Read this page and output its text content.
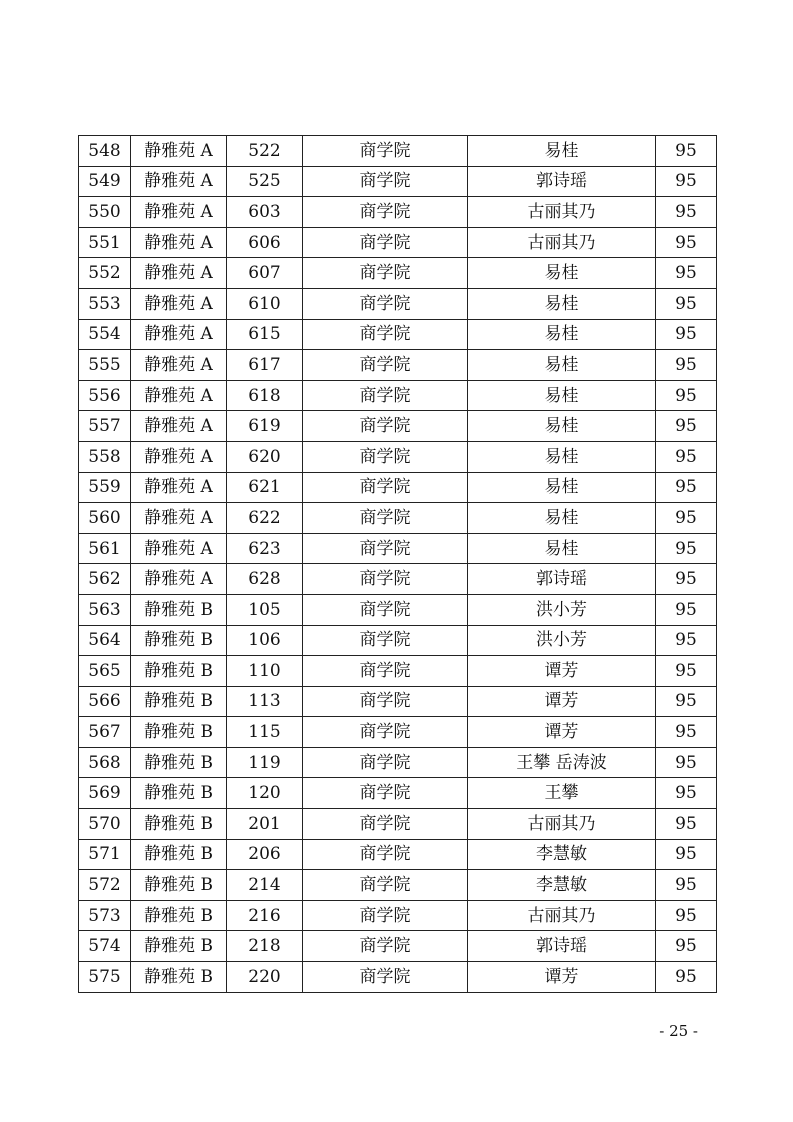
548	静雅苑 A	522	商学院	易桂	95
549	静雅苑 A	525	商学院	郭诗瑶	95
550	静雅苑 A	603	商学院	古丽其乃	95
551	静雅苑 A	606	商学院	古丽其乃	95
552	静雅苑 A	607	商学院	易桂	95
553	静雅苑 A	610	商学院	易桂	95
554	静雅苑 A	615	商学院	易桂	95
555	静雅苑 A	617	商学院	易桂	95
556	静雅苑 A	618	商学院	易桂	95
557	静雅苑 A	619	商学院	易桂	95
558	静雅苑 A	620	商学院	易桂	95
559	静雅苑 A	621	商学院	易桂	95
560	静雅苑 A	622	商学院	易桂	95
561	静雅苑 A	623	商学院	易桂	95
562	静雅苑 A	628	商学院	郭诗瑶	95
563	静雅苑 B	105	商学院	洪小芳	95
564	静雅苑 B	106	商学院	洪小芳	95
565	静雅苑 B	110	商学院	谭芳	95
566	静雅苑 B	113	商学院	谭芳	95
567	静雅苑 B	115	商学院	谭芳	95
568	静雅苑 B	119	商学院	王攀 岳涛波	95
569	静雅苑 B	120	商学院	王攀	95
570	静雅苑 B	201	商学院	古丽其乃	95
571	静雅苑 B	206	商学院	李慧敏	95
572	静雅苑 B	214	商学院	李慧敏	95
573	静雅苑 B	216	商学院	古丽其乃	95
574	静雅苑 B	218	商学院	郭诗瑶	95
575	静雅苑 B	220	商学院	谭芳	95
- 25 -
